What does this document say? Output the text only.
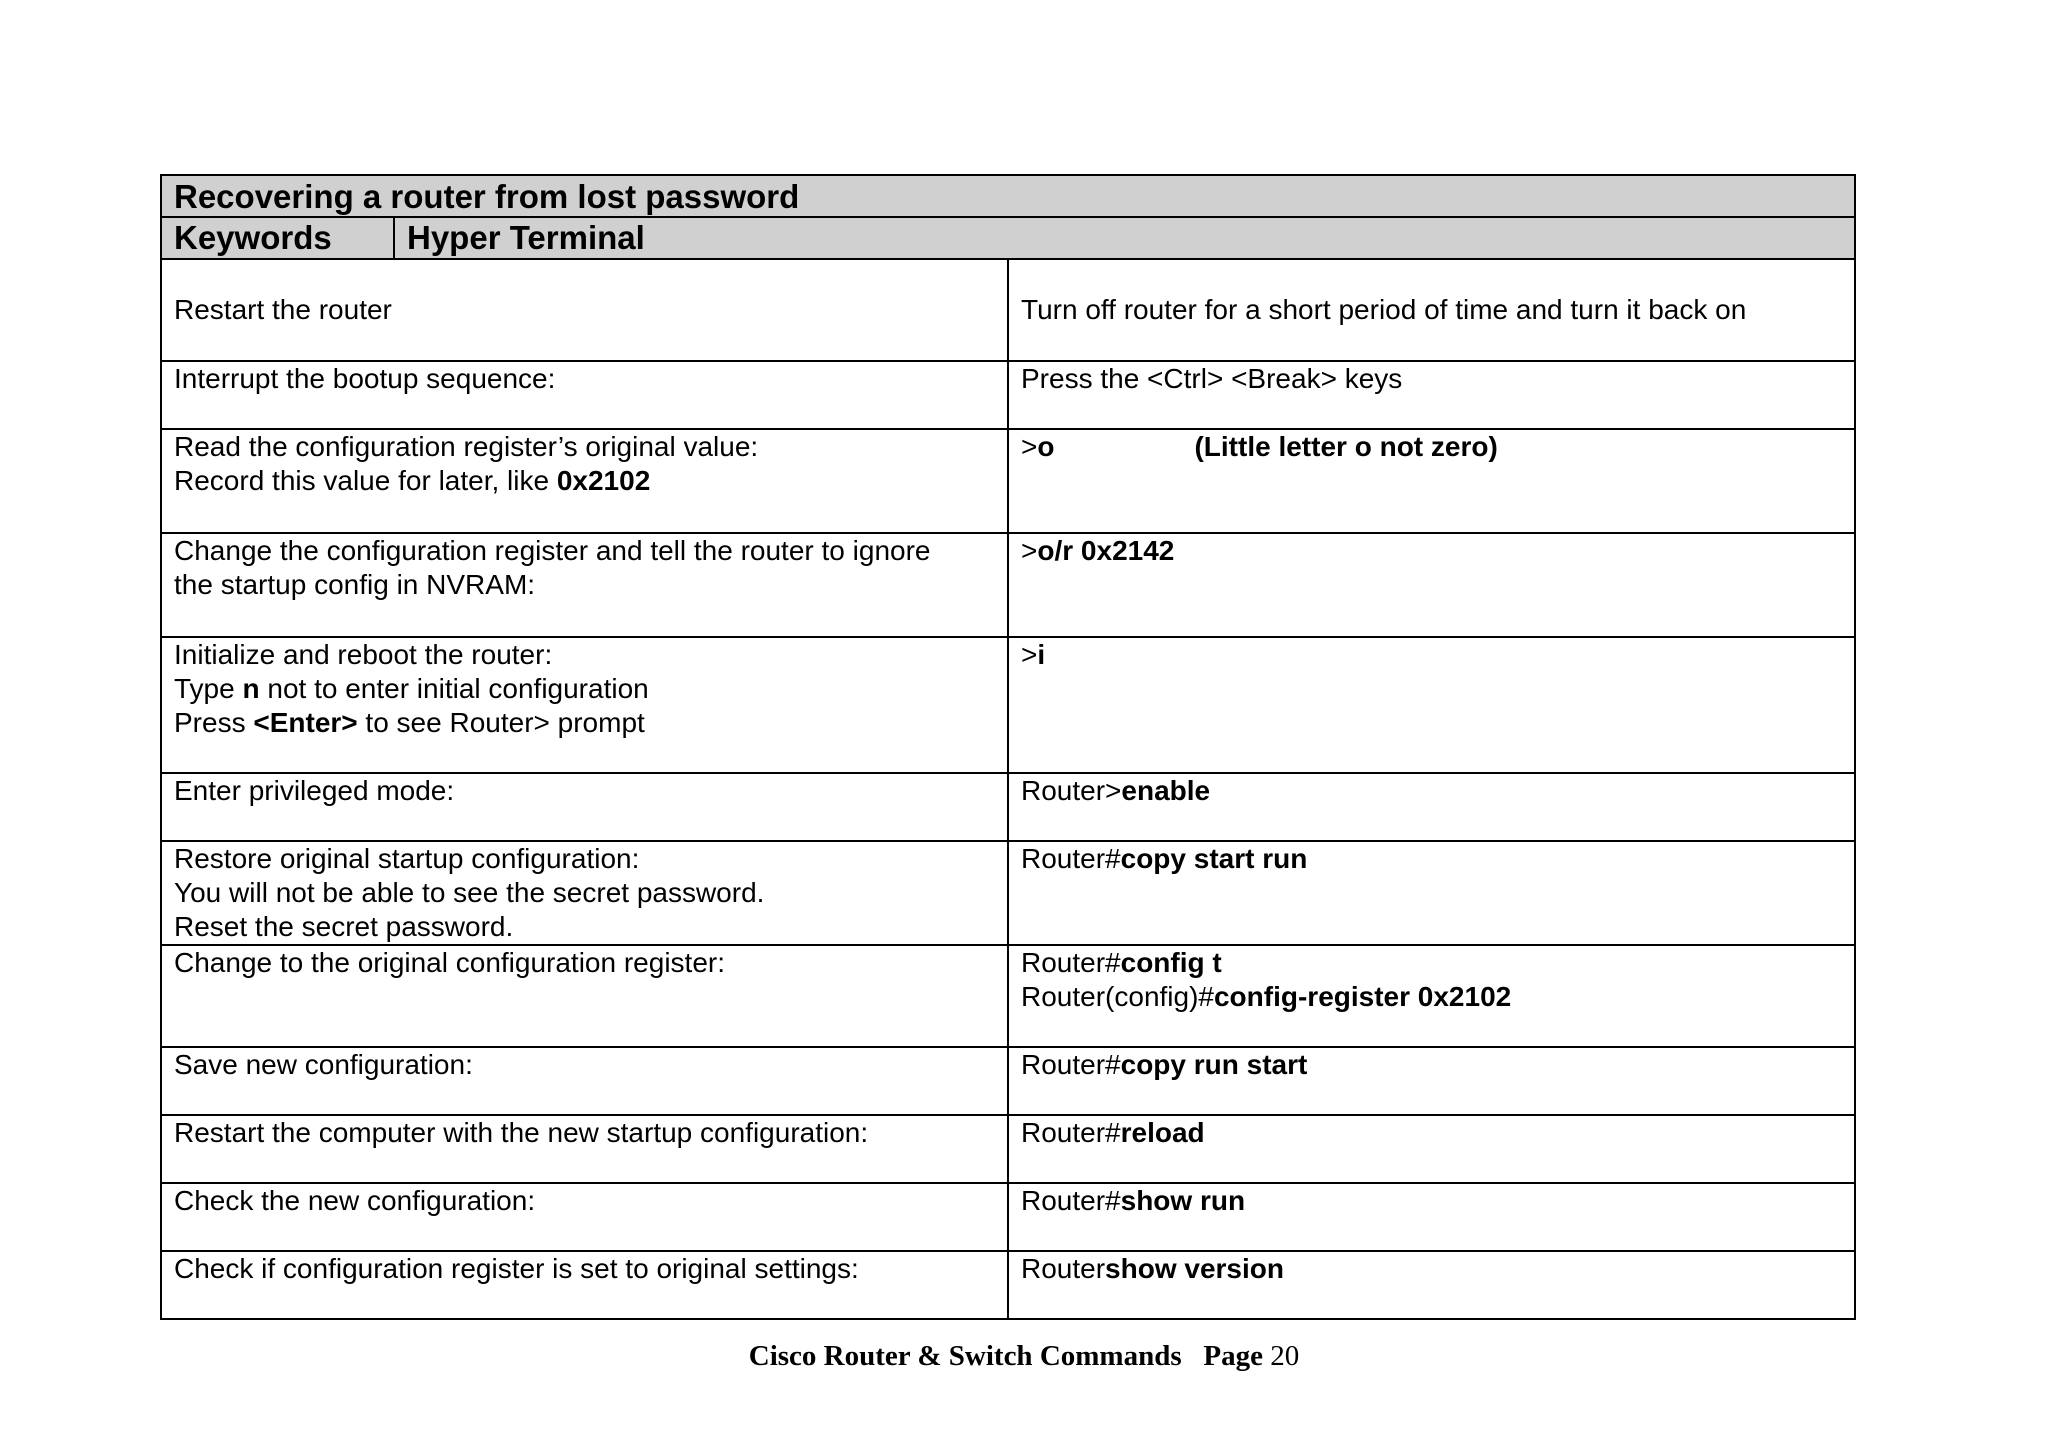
Recovering a router from lost password	

Keywords Hyper Terminal	

Restart the router	Turn off router for a short period of time and turn it back on
Interrupt the bootup sequence:	Press the <Ctrl> <Break> keys

Read the configuration register’s original value:
Record this value for later, like 0x2102	>o (Little letter o not zero)

Change the configuration register and tell the router to ignore
the startup config in NVRAM:	>o/r 0x2142

Initialize and reboot the router:
Type n not to enter initial configuration
Press <Enter> to see Router> prompt	>i
Enter privileged mode:	Router>enable

Restore original startup configuration:
You will not be able to see the secret password.
Reset the secret password.	Router#copy start run
Change to the original configuration register:	Router#config t
Router(config)#config-register 0x2102

Save new configuration:	Router#copy run start
Restart the computer with the new startup configuration:	Router#reload
Check the new configuration:	Router#show run
Check if configuration register is set to original settings:	Routershow version
Cisco Router & Switch Commands Page 20
